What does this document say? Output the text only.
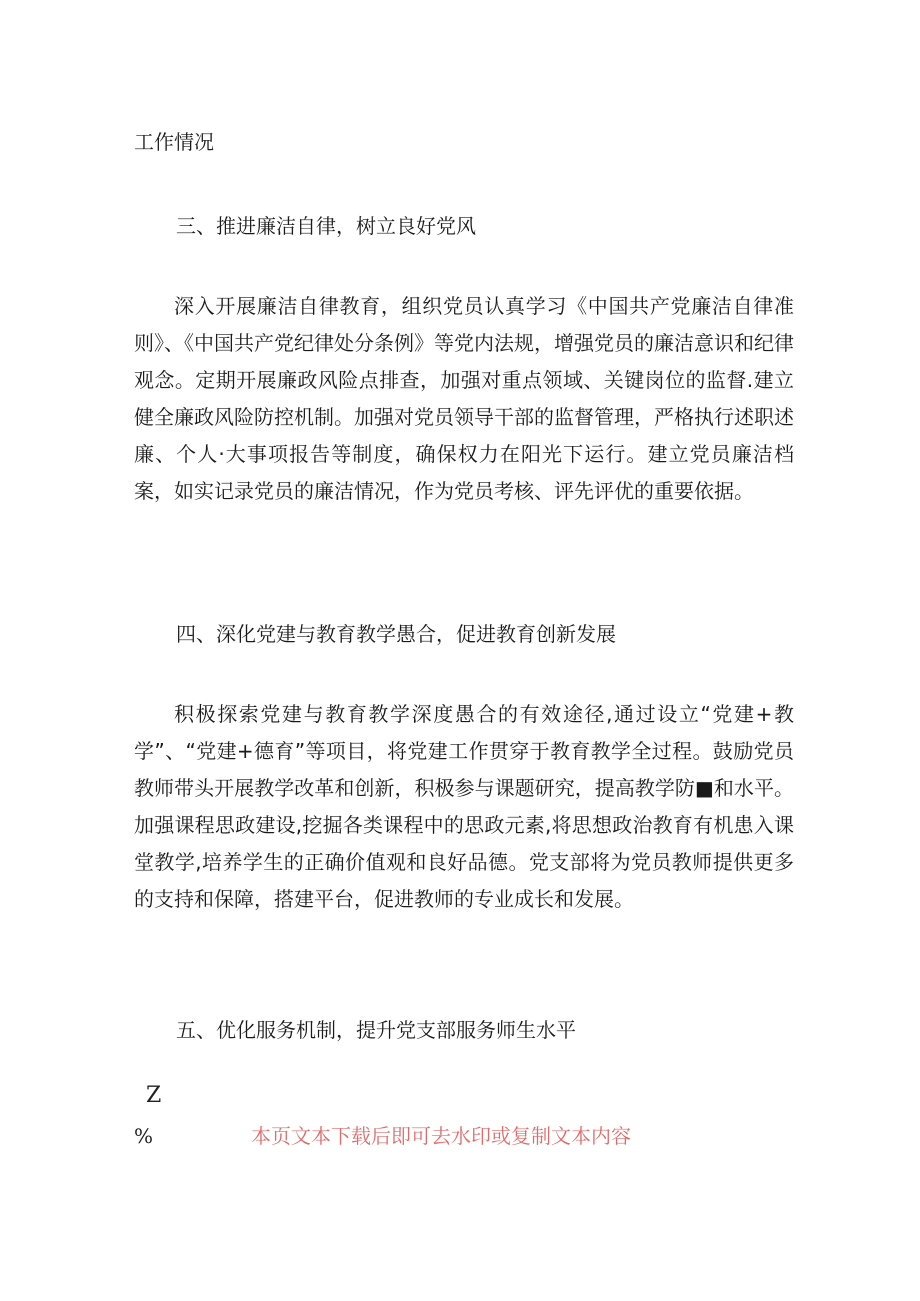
工作情况
三、推进廉洁自律，树立良好党风

深入开展廉洁自律教育，组织党员认真学习《中国共产党廉洁自律准则》、《中国共产党纪律处分条例》等党内法规，增强党员的廉洁意识和纪律观念。定期开展廉政风险点排查，加强对重点领域、关键岗位的监督.建立健全廉政风险防控机制。加强对党员领导干部的监督管理，严格执行述职述廉、个人·大事项报告等制度，确保权力在阳光下运行。建立党员廉洁档案，如实记录党员的廉洁情况，作为党员考核、评先评优的重要依据。

四、深化党建与教育教学愚合，促进教育创新发展

积极探索党建与教育教学深度愚合的有效途径,通过设立“党建+教学”、“党建+德育”等项目，将党建工作贯穿于教育教学全过程。鼓励党员教师带头开展教学改革和创新，积极参与课题研究，提高教学防■和水平。加强课程思政建设,挖掘各类课程中的思政元素,将思想政治教育有机患入课堂教学,培养学生的正确价值观和良好品德。党支部将为党员教师提供更多的支持和保障，搭建平台，促进教师的专业成长和发展。

五、优化服务机制，提升党支部服务师生水平
Z
%	本页文本下载后即可去水印或复制文本内容
